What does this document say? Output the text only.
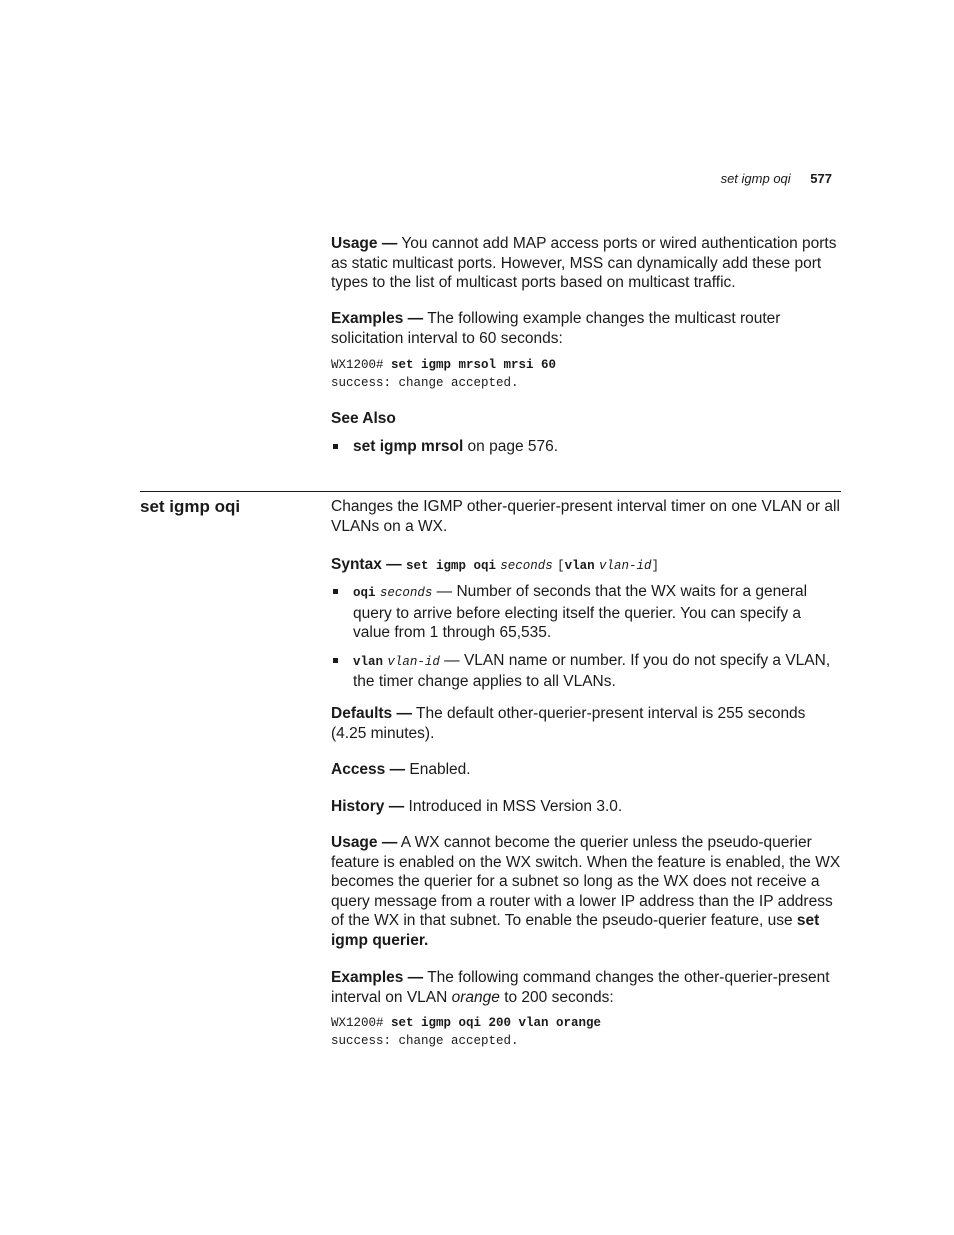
set igmp oqi 577

Usage — You cannot add MAP access ports or wired authentication ports as static multicast ports. However, MSS can dynamically add these port types to the list of multicast ports based on multicast traffic.

Examples — The following example changes the multicast router solicitation interval to 60 seconds:

WX1200# set igmp mrsol mrsi 60
success: change accepted.
See Also
set igmp mrsol on page 576.
set igmp oqi	Changes the IGMP other-querier-present interval timer on one VLAN or all VLANs on a WX.

Syntax — set igmp oqi seconds [vlan vlan-id]

oqi seconds — Number of seconds that the WX waits for a general query to arrive before electing itself the querier. You can specify a value from 1 through 65,535.
vlan vlan-id — VLAN name or number. If you do not specify a VLAN, the timer change applies to all VLANs.

Defaults — The default other-querier-present interval is 255 seconds (4.25 minutes).

Access — Enabled.

History — Introduced in MSS Version 3.0.

Usage — A WX cannot become the querier unless the pseudo-querier feature is enabled on the WX switch. When the feature is enabled, the WX becomes the querier for a subnet so long as the WX does not receive a query message from a router with a lower IP address than the IP address of the WX in that subnet. To enable the pseudo-querier feature, use set igmp querier.

Examples — The following command changes the other-querier-present interval on VLAN orange to 200 seconds:

WX1200# set igmp oqi 200 vlan orange
success: change accepted.
